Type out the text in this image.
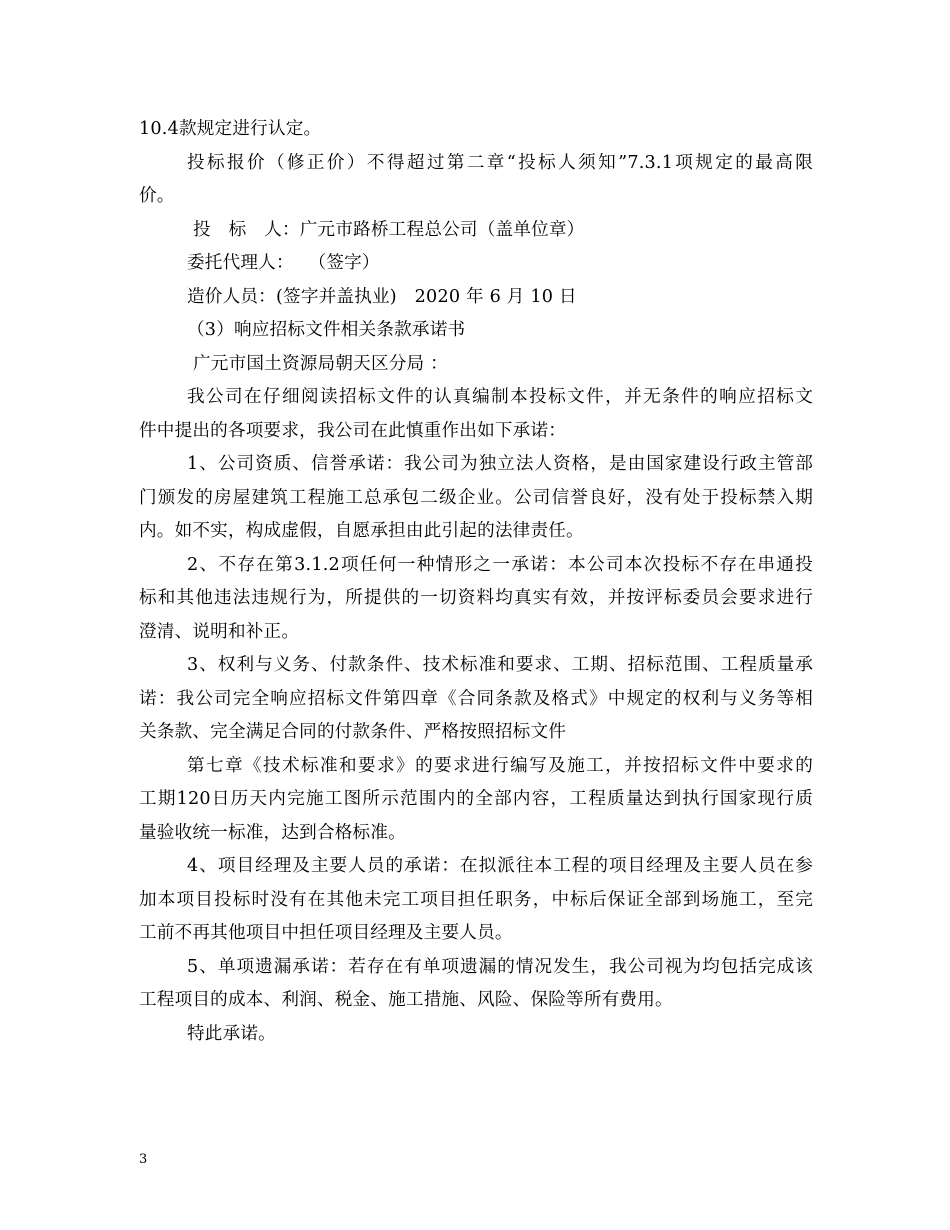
10.4款规定进行认定。
投标报价（修正价）不得超过第二章“投标人须知”7.3.1项规定的最高限
价。
投　标　人：广元市路桥工程总公司（盖单位章）
委托代理人：　 （签字）
造价人员：(签字并盖执业)　2020 年 6 月 10 日
（3）响应招标文件相关条款承诺书
广元市国土资源局朝天区分局 ：
我公司在仔细阅读招标文件的认真编制本投标文件，并无条件的响应招标文
件中提出的各项要求，我公司在此慎重作出如下承诺：
1、公司资质、信誉承诺：我公司为独立法人资格，是由国家建设行政主管部
门颁发的房屋建筑工程施工总承包二级企业。公司信誉良好，没有处于投标禁入期
内。如不实，构成虚假，自愿承担由此引起的法律责任。
2、不存在第3.1.2项任何一种情形之一承诺：本公司本次投标不存在串通投
标和其他违法违规行为，所提供的一切资料均真实有效，并按评标委员会要求进行
澄清、说明和补正。
3、权利与义务、付款条件、技术标准和要求、工期、招标范围、工程质量承
诺：我公司完全响应招标文件第四章《合同条款及格式》中规定的权利与义务等相
关条款、完全满足合同的付款条件、严格按照招标文件
第七章《技术标准和要求》的要求进行编写及施工，并按招标文件中要求的
工期120日历天内完施工图所示范围内的全部内容，工程质量达到执行国家现行质
量验收统一标准，达到合格标准。
4、项目经理及主要人员的承诺：在拟派往本工程的项目经理及主要人员在参
加本项目投标时没有在其他未完工项目担任职务，中标后保证全部到场施工，至完
工前不再其他项目中担任项目经理及主要人员。
5、单项遗漏承诺：若存在有单项遗漏的情况发生，我公司视为均包括完成该
工程项目的成本、利润、税金、施工措施、风险、保险等所有费用。
特此承诺。
3
